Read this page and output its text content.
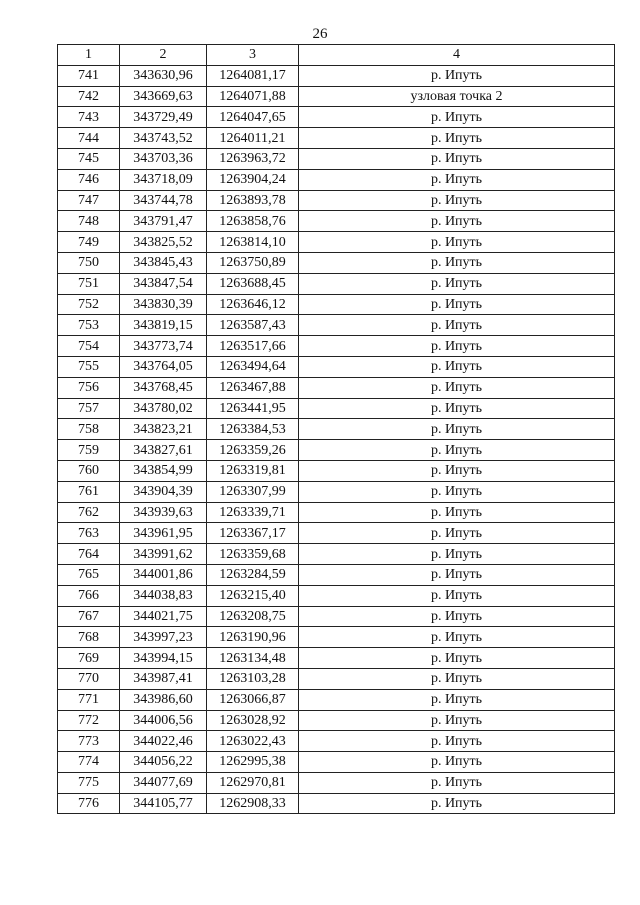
26
1	2	3	4
741	343630,96	1264081,17	р. Ипуть
742	343669,63	1264071,88	узловая точка 2
743	343729,49	1264047,65	р. Ипуть
744	343743,52	1264011,21	р. Ипуть
745	343703,36	1263963,72	р. Ипуть
746	343718,09	1263904,24	р. Ипуть
747	343744,78	1263893,78	р. Ипуть
748	343791,47	1263858,76	р. Ипуть
749	343825,52	1263814,10	р. Ипуть
750	343845,43	1263750,89	р. Ипуть
751	343847,54	1263688,45	р. Ипуть
752	343830,39	1263646,12	р. Ипуть
753	343819,15	1263587,43	р. Ипуть
754	343773,74	1263517,66	р. Ипуть
755	343764,05	1263494,64	р. Ипуть
756	343768,45	1263467,88	р. Ипуть
757	343780,02	1263441,95	р. Ипуть
758	343823,21	1263384,53	р. Ипуть
759	343827,61	1263359,26	р. Ипуть
760	343854,99	1263319,81	р. Ипуть
761	343904,39	1263307,99	р. Ипуть
762	343939,63	1263339,71	р. Ипуть
763	343961,95	1263367,17	р. Ипуть
764	343991,62	1263359,68	р. Ипуть
765	344001,86	1263284,59	р. Ипуть
766	344038,83	1263215,40	р. Ипуть
767	344021,75	1263208,75	р. Ипуть
768	343997,23	1263190,96	р. Ипуть
769	343994,15	1263134,48	р. Ипуть
770	343987,41	1263103,28	р. Ипуть
771	343986,60	1263066,87	р. Ипуть
772	344006,56	1263028,92	р. Ипуть
773	344022,46	1263022,43	р. Ипуть
774	344056,22	1262995,38	р. Ипуть
775	344077,69	1262970,81	р. Ипуть
776	344105,77	1262908,33	р. Ипуть
